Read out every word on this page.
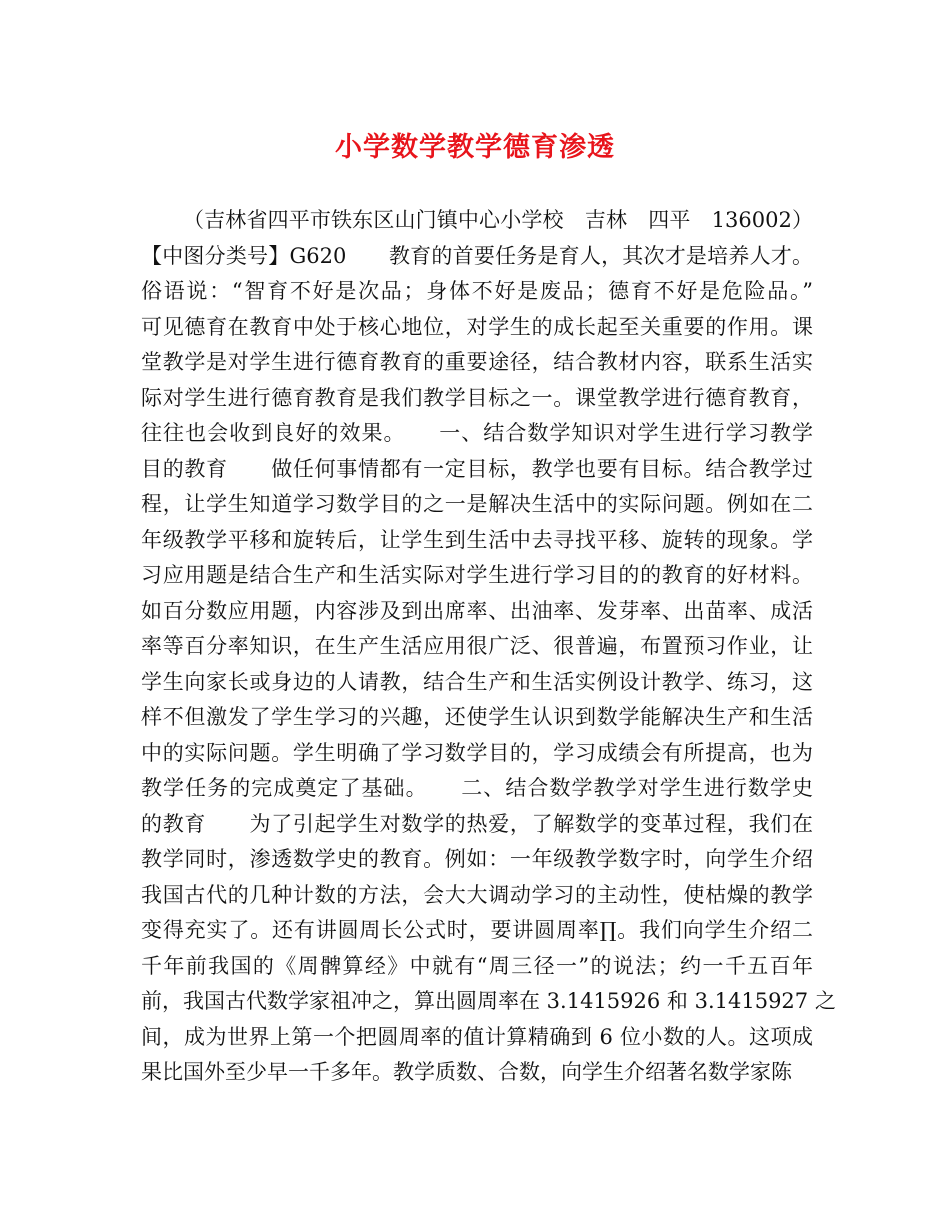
小学数学教学德育渗透
（吉林省四平市铁东区山门镇中心小学校　吉林　四平　136002）
【中图分类号】G620　　教育的首要任务是育人，其次才是培养人才。
俗语说：“智育不好是次品；身体不好是废品；德育不好是危险品。”
可见德育在教育中处于核心地位，对学生的成长起至关重要的作用。课
堂教学是对学生进行德育教育的重要途径，结合教材内容，联系生活实
际对学生进行德育教育是我们教学目标之一。课堂教学进行德育教育，
往往也会收到良好的效果。　　一、结合数学知识对学生进行学习教学
目的教育　　做任何事情都有一定目标，教学也要有目标。结合教学过
程，让学生知道学习数学目的之一是解决生活中的实际问题。例如在二
年级教学平移和旋转后，让学生到生活中去寻找平移、旋转的现象。学
习应用题是结合生产和生活实际对学生进行学习目的的教育的好材料。
如百分数应用题，内容涉及到出席率、出油率、发芽率、出苗率、成活
率等百分率知识，在生产生活应用很广泛、很普遍，布置预习作业，让
学生向家长或身边的人请教，结合生产和生活实例设计教学、练习，这
样不但激发了学生学习的兴趣，还使学生认识到数学能解决生产和生活
中的实际问题。学生明确了学习数学目的，学习成绩会有所提高，也为
教学任务的完成奠定了基础。　　二、结合数学教学对学生进行数学史
的教育　　为了引起学生对数学的热爱，了解数学的变革过程，我们在
教学同时，渗透数学史的教育。例如：一年级教学数字时，向学生介绍
我国古代的几种计数的方法，会大大调动学习的主动性，使枯燥的教学
变得充实了。还有讲圆周长公式时，要讲圆周率∏。我们向学生介绍二
千年前我国的《周髀算经》中就有“周三径一”的说法；约一千五百年
前，我国古代数学家祖冲之，算出圆周率在 3.1415926 和 3.1415927 之
间，成为世界上第一个把圆周率的值计算精确到 6 位小数的人。这项成
果比国外至少早一千多年。教学质数、合数，向学生介绍著名数学家陈
